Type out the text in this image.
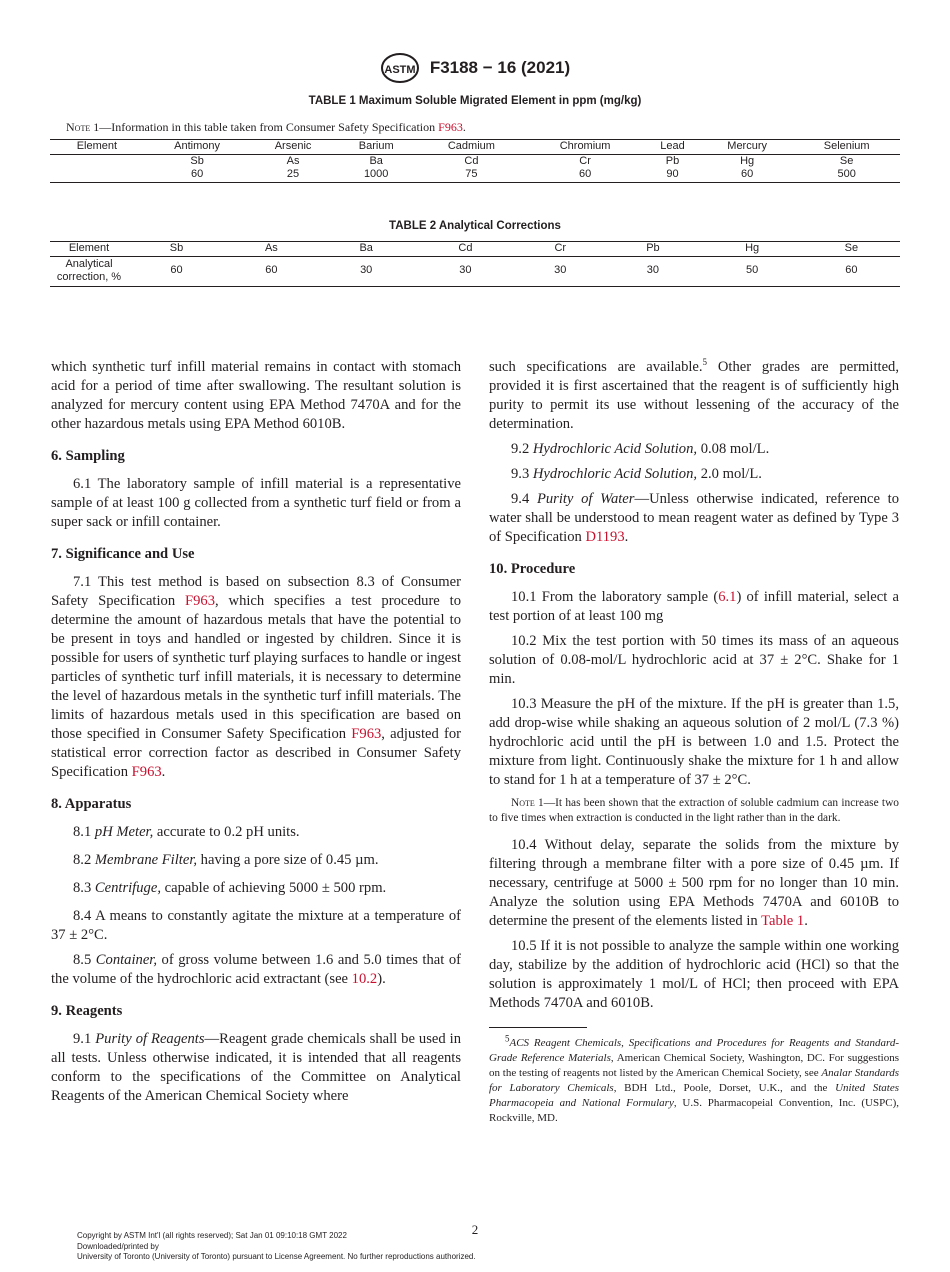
ASTM F3188 − 16 (2021)
TABLE 1 Maximum Soluble Migrated Element in ppm (mg/kg)
Note 1—Information in this table taken from Consumer Safety Specification F963.
Element	Antimony	Arsenic	Barium	Cadmium	Chromium	Lead	Mercury	Selenium
	Sb	As	Ba	Cd	Cr	Pb	Hg	Se
	60	25	1000	75	60	90	60	500
TABLE 2 Analytical Corrections
Element	Sb	As	Ba	Cd	Cr	Pb	Hg	Se
Analytical
correction, %	60	60	30	30	30	30	50	60

which synthetic turf infill material remains in contact with stomach acid for a period of time after swallowing. The resultant solution is analyzed for mercury content using EPA Method 7470A and for the other hazardous metals using EPA Method 6010B.

6. Sampling

6.1 The laboratory sample of infill material is a representative sample of at least 100 g collected from a synthetic turf field or from a super sack or infill container.

7. Significance and Use

7.1 This test method is based on subsection 8.3 of Consumer Safety Specification F963, which specifies a test procedure to determine the amount of hazardous metals that have the potential to be present in toys and handled or ingested by children. Since it is possible for users of synthetic turf playing surfaces to handle or ingest particles of synthetic turf infill materials, it is necessary to determine the level of hazardous metals in the synthetic turf infill materials. The limits of hazardous metals used in this specification are based on those specified in Consumer Safety Specification F963, adjusted for statistical error correction factor as described in Consumer Safety Specification F963.

8. Apparatus

8.1 pH Meter, accurate to 0.2 pH units.

8.2 Membrane Filter, having a pore size of 0.45 µm.

8.3 Centrifuge, capable of achieving 5000 ± 500 rpm.

8.4 A means to constantly agitate the mixture at a temperature of 37 ± 2°C.

8.5 Container, of gross volume between 1.6 and 5.0 times that of the volume of the hydrochloric acid extractant (see 10.2).

9. Reagents

9.1 Purity of Reagents—Reagent grade chemicals shall be used in all tests. Unless otherwise indicated, it is intended that all reagents conform to the specifications of the Committee on Analytical Reagents of the American Chemical Society where

such specifications are available.$^5$ Other grades are permitted, provided it is first ascertained that the reagent is of sufficiently high purity to permit its use without lessening of the accuracy of the determination.

9.2 Hydrochloric Acid Solution, 0.08 mol/L.

9.3 Hydrochloric Acid Solution, 2.0 mol/L.

9.4 Purity of Water—Unless otherwise indicated, reference to water shall be understood to mean reagent water as defined by Type 3 of Specification D1193.

10. Procedure

10.1 From the laboratory sample (6.1) of infill material, select a test portion of at least 100 mg

10.2 Mix the test portion with 50 times its mass of an aqueous solution of 0.08-mol/L hydrochloric acid at 37 ± 2°C. Shake for 1 min.

10.3 Measure the pH of the mixture. If the pH is greater than 1.5, add drop-wise while shaking an aqueous solution of 2 mol/L (7.3 %) hydrochloric acid until the pH is between 1.0 and 1.5. Protect the mixture from light. Continuously shake the mixture for 1 h and allow to stand for 1 h at a temperature of 37 ± 2°C.

Note 1—It has been shown that the extraction of soluble cadmium can increase two to five times when extraction is conducted in the light rather than in the dark.

10.4 Without delay, separate the solids from the mixture by filtering through a membrane filter with a pore size of 0.45 µm. If necessary, centrifuge at 5000 ± 500 rpm for no longer than 10 min. Analyze the solution using EPA Methods 7470A and 6010B to determine the present of the elements listed in Table 1.

10.5 If it is not possible to analyze the sample within one working day, stabilize by the addition of hydrochloric acid (HCl) so that the solution is approximately 1 mol/L of HCl; then proceed with EPA Methods 7470A and 6010B.

$^5$ACS Reagent Chemicals, Specifications and Procedures for Reagents and Standard-Grade Reference Materials, American Chemical Society, Washington, DC. For suggestions on the testing of reagents not listed by the American Chemical Society, see Analar Standards for Laboratory Chemicals, BDH Ltd., Poole, Dorset, U.K., and the United States Pharmacopeia and National Formulary, U.S. Pharmacopeial Convention, Inc. (USPC), Rockville, MD.

2
Copyright by ASTM Int'l (all rights reserved); Sat Jan 01 09:10:18 GMT 2022
Downloaded/printed by
University of Toronto (University of Toronto) pursuant to License Agreement. No further reproductions authorized.
